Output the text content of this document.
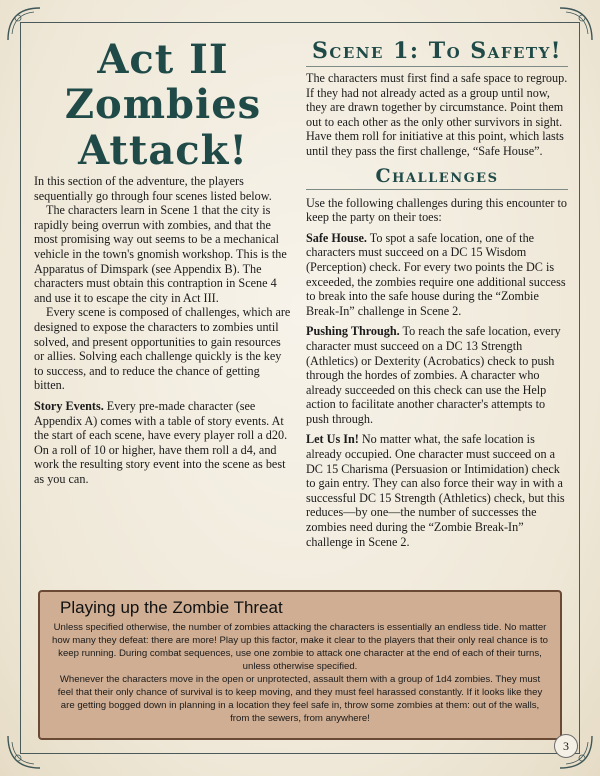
Act II
Zombies Attack!

In this section of the adventure, the players sequentially go through four scenes listed below.

The characters learn in Scene 1 that the city is rapidly being overrun with zombies, and that the most promising way out seems to be a mechanical vehicle in the town's gnomish workshop. This is the Apparatus of Dimspark (see Appendix B). The characters must obtain this contraption in Scene 4 and use it to escape the city in Act III.

Every scene is composed of challenges, which are designed to expose the characters to zombies until solved, and present opportunities to gain resources or allies. Solving each challenge quickly is the key to success, and to reduce the chance of getting bitten.

Story Events. Every pre-made character (see Appendix A) comes with a table of story events. At the start of each scene, have every player roll a d20. On a roll of 10 or higher, have them roll a d4, and work the resulting story event into the scene as best as you can.

Scene 1: To Safety!

The characters must first find a safe space to regroup. If they had not already acted as a group until now, they are drawn together by circumstance. Point them out to each other as the only other survivors in sight. Have them roll for initiative at this point, which lasts until they pass the first challenge, “Safe House”.

Challenges

Use the following challenges during this encounter to keep the party on their toes:

Safe House. To spot a safe location, one of the characters must succeed on a DC 15 Wisdom (Perception) check. For every two points the DC is exceeded, the zombies require one additional success to break into the safe house during the “Zombie Break-In” challenge in Scene 2.

Pushing Through. To reach the safe location, every character must succeed on a DC 13 Strength (Athletics) or Dexterity (Acrobatics) check to push through the hordes of zombies. A character who already succeeded on this check can use the Help action to facilitate another character's attempts to push through.

Let Us In! No matter what, the safe location is already occupied. One character must succeed on a DC 15 Charisma (Persuasion or Intimidation) check to gain entry. They can also force their way in with a successful DC 15 Strength (Athletics) check, but this reduces—by one—the number of successes the zombies need during the “Zombie Break-In” challenge in Scene 2.

Playing up the Zombie Threat

Unless specified otherwise, the number of zombies attacking the characters is essentially an endless tide. No matter how many they defeat: there are more! Play up this factor, make it clear to the players that their only real chance is to keep running. During combat sequences, use one zombie to attack one character at the end of each of their turns, unless otherwise specified.

Whenever the characters move in the open or unprotected, assault them with a group of 1d4 zombies. They must feel that their only chance of survival is to keep moving, and they must feel harassed constantly. If it looks like they are getting bogged down in planning in a location they feel safe in, throw some zombies at them: out of the walls, from the sewers, from anywhere!

3
